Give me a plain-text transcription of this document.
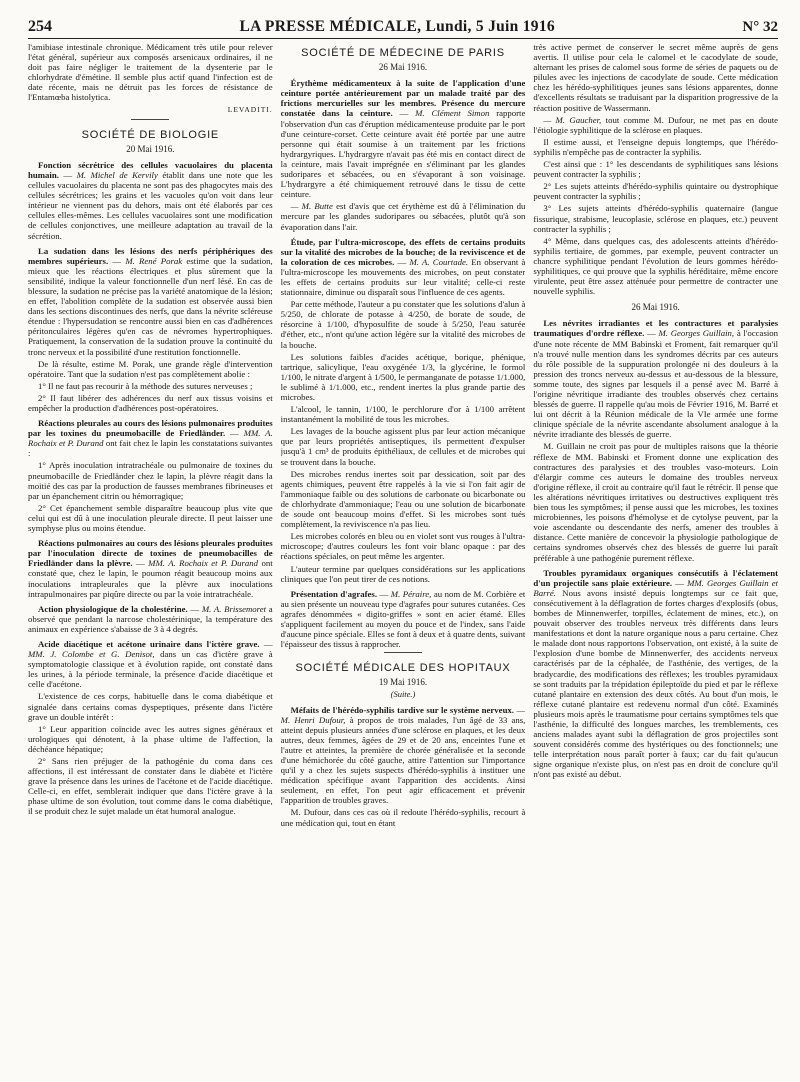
254	LA PRESSE MÉDICALE, Lundi, 5 Juin 1916	N° 32

l'amibiase intestinale chronique. Médicament très utile pour relever l'état général, supérieur aux composés arsenicaux ordinaires, il ne doit pas faire négliger le traitement de la dysenterie par le chlorhydrate d'émétine. Il semble plus actif quand l'infection est de date récente, mais ne détruit pas les forces de résistance de l'Entamœba histolytica.

LEVADITI.
SOCIÉTÉ DE BIOLOGIE
20 Mai 1916.

Fonction sécrétrice des cellules vacuolaires du placenta humain. — M. Michel de Kervily établit dans une note que les cellules vacuolaires du placenta ne sont pas des phagocytes mais des cellules sécrétrices; les grains et les vacuoles qu'on voit dans leur intérieur ne viennent pas du dehors, mais ont été élaborés par ces cellules elles-mêmes. Les cellules vacuolaires sont une modification de cellules conjonctives, une meilleure adaptation au travail de la sécrétion.

La sudation dans les lésions des nerfs périphériques des membres supérieurs. — M. René Porak estime que la sudation, mieux que les réactions électriques et plus sûrement que la sensibilité, indique la valeur fonctionnelle d'un nerf lésé. En cas de blessure, la sudation ne précise pas la variété anatomique de la lésion; en effet, l'abolition complète de la sudation est observée aussi bien dans les sections discontinues des nerfs, que dans la névrite scléreuse étendue : l'hypersudation se rencontre aussi bien en cas d'adhérences péritonculaires légères qu'en cas de névromes hypertrophiques. Pratiquement, la conservation de la sudation prouve la continuité du tronc nerveux et la possibilité d'une restitution fonctionnelle.

De là résulte, estime M. Porak, une grande règle d'intervention opératoire. Tant que la sudation n'est pas complètement abolie :

1° Il ne faut pas recourir à la méthode des sutures nerveuses ;

2° Il faut libérer des adhérences du nerf aux tissus voisins et empêcher la production d'adhérences post-opératoires.

Réactions pleurales au cours des lésions pulmonaires produites par les toxines du pneumobacille de Friedländer. — MM. A. Rochaix et P. Durand ont fait chez le lapin les constatations suivantes :

1° Après inoculation intratrachéale ou pulmonaire de toxines du pneumobacille de Friedländer chez le lapin, la plèvre réagit dans la moitié des cas par la production de fausses membranes fibrineuses et par un épanchement citrin ou hémorragique;

2° Cet épanchement semble disparaître beaucoup plus vite que celui qui est dû à une inoculation pleurale directe. Il peut laisser une symphyse plus ou moins étendue.

Réactions pulmonaires au cours des lésions pleurales produites par l'inoculation directe de toxines de pneumobacilles de Friedländer dans la plèvre. — MM. A. Rochaix et P. Durand ont constaté que, chez le lapin, le poumon réagit beaucoup moins aux inoculations intrapleurales que la plèvre aux inoculations intrapulmonaires par piqûre directe ou par la voie intratrachéale.

Action physiologique de la cholestérine. — M. A. Brissemoret a observé que pendant la narcose cholestérinique, la température des animaux en expérience s'abaisse de 3 à 4 degrés.

Acide diacétique et acétone urinaire dans l'ictère grave. — MM. J. Colombe et G. Denisot, dans un cas d'ictère grave à symptomatologie classique et à évolution rapide, ont constaté dans les urines, à la période terminale, la présence d'acide diacétique et celle d'acétone.

L'existence de ces corps, habituelle dans le coma diabétique et signalée dans certains comas dyspeptiques, présente dans l'ictère grave un double intérêt :

1° Leur apparition coïncide avec les autres signes généraux et urologiques qui dénotent, à la phase ultime de l'affection, la déchéance hépatique;

2° Sans rien préjuger de la pathogénie du coma dans ces affections, il est intéressant de constater dans le diabète et l'ictère grave la présence dans les urines de l'acétone et de l'acide diacétique. Celle-ci, en effet, semblerait indiquer que dans l'ictère grave à la phase ultime de son évolution, tout comme dans le coma diabétique, il se produit chez le sujet malade un état humoral analogue.

SOCIÉTÉ DE MÉDECINE DE PARIS
26 Mai 1916.

Érythème médicamenteux à la suite de l'application d'une ceinture portée antérieurement par un malade traité par des frictions mercurielles sur les membres. Présence du mercure constatée dans la ceinture. — M. Clément Simon rapporte l'observation d'un cas d'éruption médicamenteuse produite par le port d'une ceinture-corset. Cette ceinture avait été portée par une autre personne qui était soumise à un traitement par les frictions hydrargyriques. L'hydrargyre n'avait pas été mis en contact direct de la ceinture, mais l'avait imprégnée en s'éliminant par les glandes sudoripares et sébacées, ou en s'évaporant à son voisinage. L'hydrargyre a été chimiquement retrouvé dans le tissu de cette ceinture.

— M. Butte est d'avis que cet érythème est dû à l'élimination du mercure par les glandes sudoripares ou sébacées, plutôt qu'à son évaporation dans l'air.

Étude, par l'ultra-microscope, des effets de certains produits sur la vitalité des microbes de la bouche; de la reviviscence et de la coloration de ces microbes. — M. A. Courtade. En observant à l'ultra-microscope les mouvements des microbes, on peut constater les effets de certains produits sur leur vitalité; celle-ci reste stationnaire, diminue ou disparaît sous l'influence de ces agents.

Par cette méthode, l'auteur a pu constater que les solutions d'alun à 5/250, de chlorate de potasse à 4/250, de borate de soude, de résorcine à 1/100, d'hyposulfite de soude à 5/250, l'eau saturée d'éther, etc., n'ont qu'une action légère sur la vitalité des microbes de la bouche.

Les solutions faibles d'acides acétique, borique, phénique, tartrique, salicylique, l'eau oxygénée 1/3, la glycérine, le formol 1/100, le nitrate d'argent à 1/500, le permanganate de potasse 1/1.000, le sublimé à 1/1.000, etc., rendent inertes la plus grande partie des microbes.

L'alcool, le tannin, 1/100, le perchlorure d'or à 1/100 arrêtent instantanément la mobilité de tous les microbes.

Les lavages de la bouche agissent plus par leur action mécanique que par leurs propriétés antiseptiques, ils permettent d'expulser jusqu'à 1 cm³ de produits épithéliaux, de cellules et de microbes qui se trouvent dans la bouche.

Des microbes rendus inertes soit par dessication, soit par des agents chimiques, peuvent être rappelés à la vie si l'on fait agir de l'ammoniaque faible ou des solutions de carbonate ou bicarbonate ou de chlorhydrate d'ammoniaque; l'eau ou une solution de bicarbonate de soude ont beaucoup moins d'effet. Si les microbes sont tués complètement, la reviviscence n'a pas lieu.

Les microbes colorés en bleu ou en violet sont vus rouges à l'ultra-microscope; d'autres couleurs les font voir blanc opaque : par des réactions spéciales, on peut même les argenter.

L'auteur termine par quelques considérations sur les applications cliniques que l'on peut tirer de ces notions.

Présentation d'agrafes. — M. Péraire, au nom de M. Corbière et au sien présente un nouveau type d'agrafes pour sutures cutanées. Ces agrafes dénommées « digito-griffes » sont en acier étamé. Elles s'appliquent facilement au moyen du pouce et de l'index, sans l'aide d'aucune pince spéciale. Elles se font à deux et à quatre dents, suivant l'épaisseur des tissus à rapprocher.

SOCIÉTÉ MÉDICALE DES HOPITAUX
19 Mai 1916.
(Suite.)

Méfaits de l'hérédo-syphilis tardive sur le système nerveux. — M. Henri Dufour, à propos de trois malades, l'un âgé de 33 ans, atteint depuis plusieurs années d'une sclérose en plaques, et les deux autres, deux femmes, âgées de 29 et de 20 ans, enceintes l'une et l'autre et atteintes, la première de chorée généralisée et la seconde d'une hémichorée du côté gauche, attire l'attention sur l'importance qu'il y a chez les sujets suspects d'hérédo-syphilis à instituer une médication spécifique avant l'apparition des accidents. Ainsi seulement, en effet, l'on peut agir efficacement et prévenir l'apparition de troubles graves.

M. Dufour, dans ces cas où il redoute l'hérédo-syphilis, recourt à une médication qui, tout en étant

très active permet de conserver le secret même auprès de gens avertis. Il utilise pour cela le calomel et le cacodylate de soude, alternant les prises de calomel sous forme de séries de paquets ou de pilules avec les injections de cacodylate de soude. Cette médication chez les hérédo-syphilitiques jeunes sans lésions apparentes, donne d'excellents résultats se traduisant par la disparition progressive de la réaction positive de Wassermann.

— M. Gaucher, tout comme M. Dufour, ne met pas en doute l'étiologie syphilitique de la sclérose en plaques.

Il estime aussi, et l'enseigne depuis longtemps, que l'hérédo-syphilis n'empêche pas de contracter la syphilis.

C'est ainsi que : 1° les descendants de syphilitiques sans lésions peuvent contracter la syphilis ;

2° Les sujets atteints d'hérédo-syphilis quintaire ou dystrophique peuvent contracter la syphilis ;

3° Les sujets atteints d'hérédo-syphilis quaternaire (langue fissurique, strabisme, leucoplasie, sclérose en plaques, etc.) peuvent contracter la syphilis ;

4° Même, dans quelques cas, des adolescents atteints d'hérédo-syphilis tertiaire, de gommes, par exemple, peuvent contracter un chancre syphilitique pendant l'évolution de leurs gommes hérédo-syphilitiques, ce qui prouve que la syphilis héréditaire, même encore virulente, peut être assez atténuée pour permettre de contracter une nouvelle syphilis.

26 Mai 1916.

Les névrites irradiantes et les contractures et paralysies traumatiques d'ordre réflexe. — M. Georges Guillain, à l'occasion d'une note récente de MM Babinski et Froment, fait remarquer qu'il n'a trouvé nulle mention dans les syndromes décrits par ces auteurs du rôle possible de la suppuration prolongée ni des douleurs à la pression des troncs nerveux au-dessus et au-dessous de la blessure, somme toute, des signes par lesquels il a pensé avec M. Barré à l'origine névritique irradiante des troubles observés chez certains blessés de guerre. Il rappelle qu'au mois de Février 1916, M. Barré et lui ont décrit à la Réunion médicale de la VIe armée une forme clinique spéciale de la névrite ascendante absolument analogue à la névrite irradiante des blessés de guerre.

M. Guillain ne croit pas pour de multiples raisons que la théorie réflexe de MM. Babinski et Froment donne une explication des contractures des paralysies et des troubles vaso-moteurs. Loin d'élargir comme ces auteurs le domaine des troubles nerveux d'origine réflexe, il croit au contraire qu'il faut le rétrécir. Il pense que les altérations névritiques irritatives ou destructives expliquent très bien tous les symptômes; il pense aussi que les microbes, les toxines microbiennes, les poisons d'hémolyse et de cytolyse peuvent, par la voie ascendante ou descendante des nerfs, amener des troubles à distance. Cette manière de concevoir la physiologie pathologique de certains syndromes observés chez des blessés de guerre lui paraît préférable à une pathogénie purement réflexe.

Troubles pyramidaux organiques consécutifs à l'éclatement d'un projectile sans plaie extérieure. — MM. Georges Guillain et Barré. Nous avons insisté depuis longtemps sur ce fait que, consécutivement à la déflagration de fortes charges d'explosifs (obus, bombes de Minnenwerfer, torpilles, éclatement de mines, etc.), on pouvait observer des troubles nerveux très différents dans leurs manifestations et dont la nature organique nous a paru certaine. Chez le malade dont nous rapportons l'observation, ont existé, à la suite de l'explosion d'une bombe de Minnenwerfer, des accidents nerveux caractérisés par de la céphalée, de l'asthénie, des vertiges, de la bradycardie, des modifications des réflexes; les troubles pyramidaux se sont traduits par la trépidation épileptoïde du pied et par le réflexe cutané plantaire en extension des deux côtés. Au bout d'un mois, le réflexe cutané plantaire est redevenu normal d'un côté. Examinés plusieurs mois après le traumatisme pour certains symptômes tels que l'asthénie, la difficulté des longues marches, les tremblements, ces anciens malades ayant subi la déflagration de gros projectiles sont souvent considérés comme des hystériques ou des fonctionnels; une telle interprétation nous paraît porter à faux; car du fait qu'aucun signe organique n'existe plus, on n'est pas en droit de conclure qu'il n'ont pas existé au début.
